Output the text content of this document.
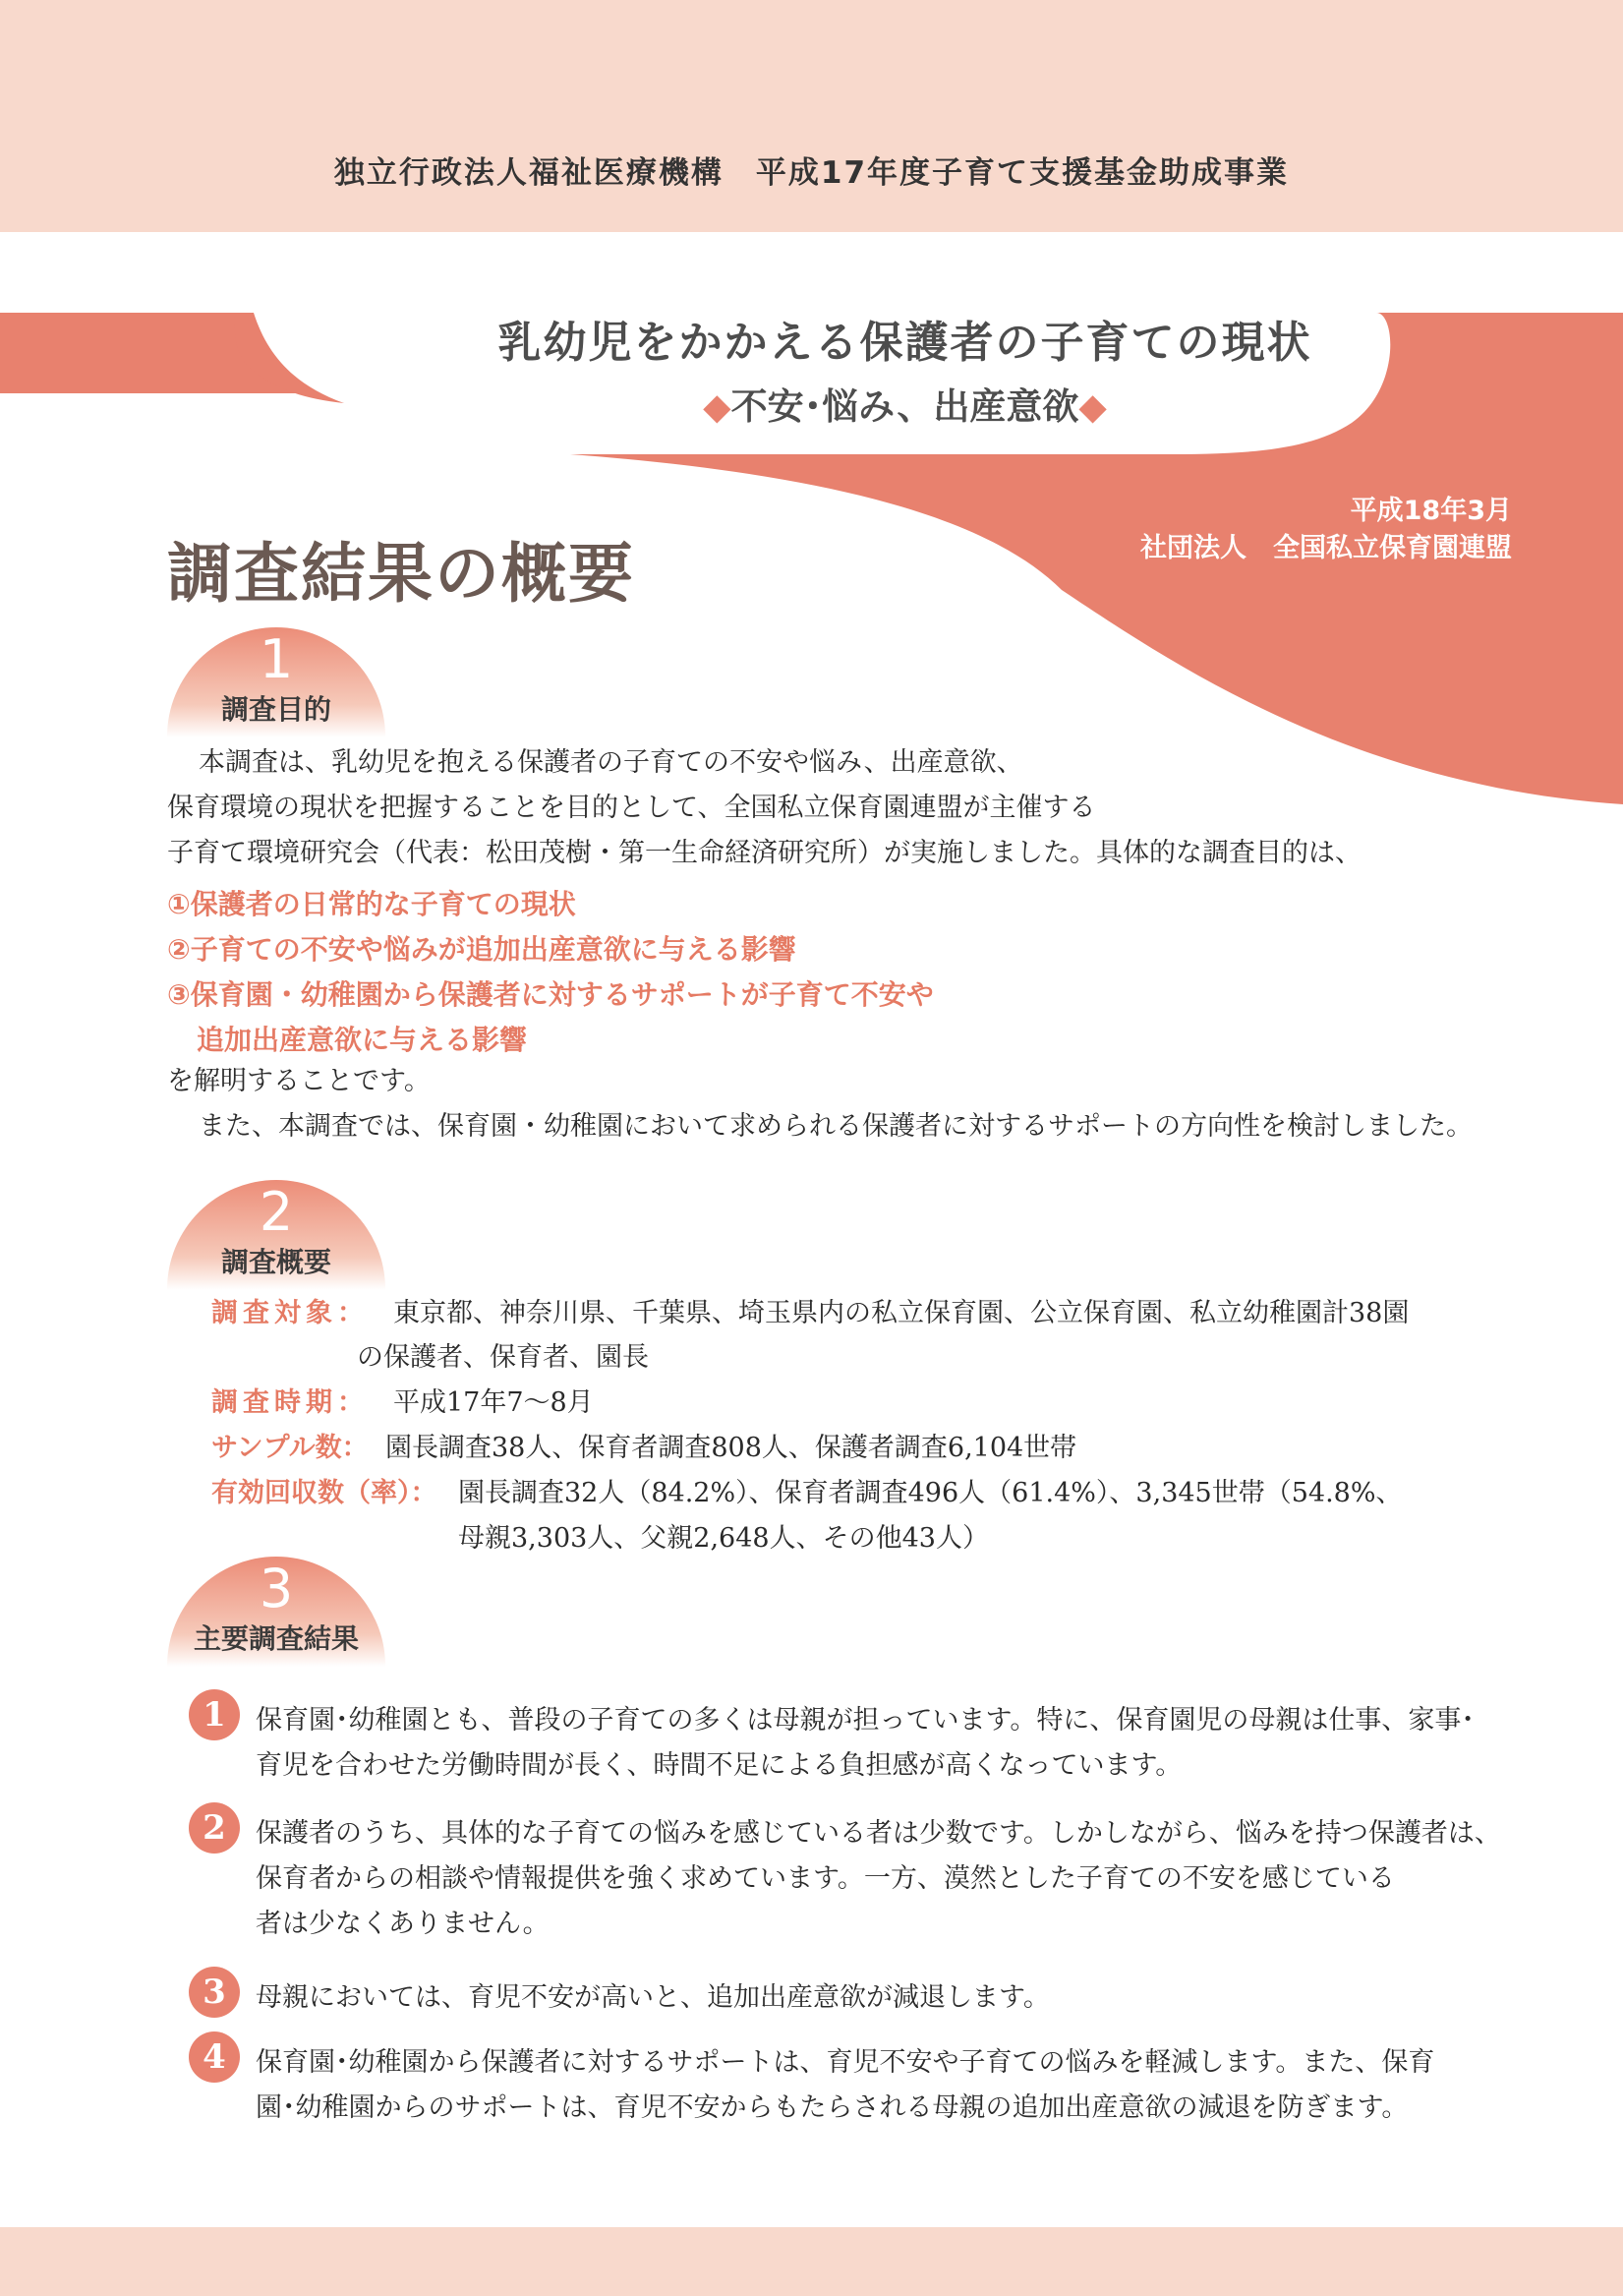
独立行政法人福祉医療機構　平成17年度子育て支援基金助成事業
乳幼児をかかえる保護者の子育ての現状
◆不安･悩み、出産意欲◆
平成18年3月
社団法人　全国私立保育園連盟
調査結果の概要
1
調査目的
本調査は、乳幼児を抱える保護者の子育ての不安や悩み、出産意欲、
保育環境の現状を把握することを目的として、全国私立保育園連盟が主催する
子育て環境研究会（代表：松田茂樹・第一生命経済研究所）が実施しました。具体的な調査目的は、
①保護者の日常的な子育ての現状
②子育ての不安や悩みが追加出産意欲に与える影響
③保育園・幼稚園から保護者に対するサポートが子育て不安や
追加出産意欲に与える影響
を解明することです。
また、本調査では、保育園・幼稚園において求められる保護者に対するサポートの方向性を検討しました。
2
調査概要
調査対象： 東京都、神奈川県、千葉県、埼玉県内の私立保育園、公立保育園、私立幼稚園計38園
の保護者、保育者、園長
調査時期： 平成17年7～8月
サンプル数： 園長調査38人、保育者調査808人、保護者調査6,104世帯
有効回収数（率）： 園長調査32人（84.2%）、保育者調査496人（61.4%）、3,345世帯（54.8%、
母親3,303人、父親2,648人、その他43人）
3
主要調査結果
1	保育園･幼稚園とも、普段の子育ての多くは母親が担っています。特に、保育園児の母親は仕事、家事･
育児を合わせた労働時間が長く、時間不足による負担感が高くなっています。
2	保護者のうち、具体的な子育ての悩みを感じている者は少数です。しかしながら、悩みを持つ保護者は、
保育者からの相談や情報提供を強く求めています。一方、漠然とした子育ての不安を感じている
者は少なくありません。
3	母親においては、育児不安が高いと、追加出産意欲が減退します。
4	保育園･幼稚園から保護者に対するサポートは、育児不安や子育ての悩みを軽減します。また、保育
園･幼稚園からのサポートは、育児不安からもたらされる母親の追加出産意欲の減退を防ぎます。
